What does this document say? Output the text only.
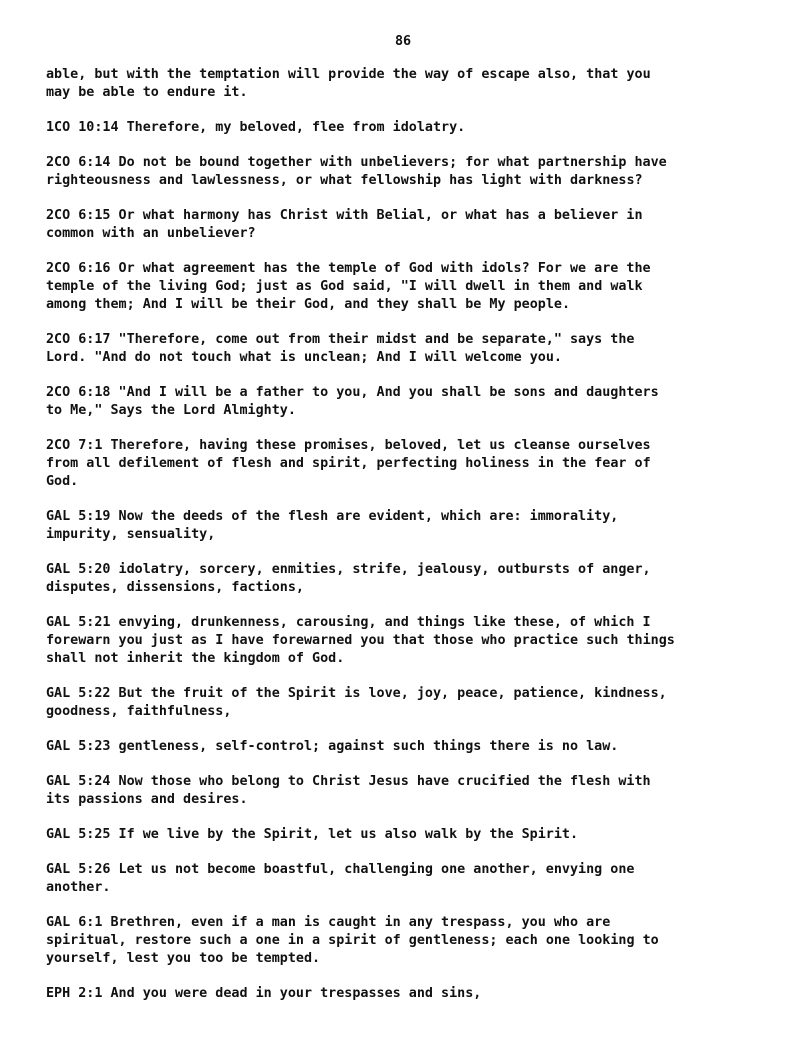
86
able, but with the temptation will provide the way of escape also, that you
may be able to endure it.
1CO 10:14 Therefore, my beloved, flee from idolatry.
2CO 6:14 Do not be bound together with unbelievers; for what partnership have
righteousness and lawlessness, or what fellowship has light with darkness?
2CO 6:15 Or what harmony has Christ with Belial, or what has a believer in
common with an unbeliever?
2CO 6:16 Or what agreement has the temple of God with idols? For we are the
temple of the living God; just as God said, "I will dwell in them and walk
among them; And I will be their God, and they shall be My people.
2CO 6:17 "Therefore, come out from their midst and be separate," says the
Lord. "And do not touch what is unclean; And I will welcome you.
2CO 6:18 "And I will be a father to you, And you shall be sons and daughters
to Me," Says the Lord Almighty.
2CO 7:1 Therefore, having these promises, beloved, let us cleanse ourselves
from all defilement of flesh and spirit, perfecting holiness in the fear of
God.
GAL 5:19 Now the deeds of the flesh are evident, which are: immorality,
impurity, sensuality,
GAL 5:20 idolatry, sorcery, enmities, strife, jealousy, outbursts of anger,
disputes, dissensions, factions,
GAL 5:21 envying, drunkenness, carousing, and things like these, of which I
forewarn you just as I have forewarned you that those who practice such things
shall not inherit the kingdom of God.
GAL 5:22 But the fruit of the Spirit is love, joy, peace, patience, kindness,
goodness, faithfulness,
GAL 5:23 gentleness, self-control; against such things there is no law.
GAL 5:24 Now those who belong to Christ Jesus have crucified the flesh with
its passions and desires.
GAL 5:25 If we live by the Spirit, let us also walk by the Spirit.
GAL 5:26 Let us not become boastful, challenging one another, envying one
another.
GAL 6:1 Brethren, even if a man is caught in any trespass, you who are
spiritual, restore such a one in a spirit of gentleness; each one looking to
yourself, lest you too be tempted.
EPH 2:1 And you were dead in your trespasses and sins,
